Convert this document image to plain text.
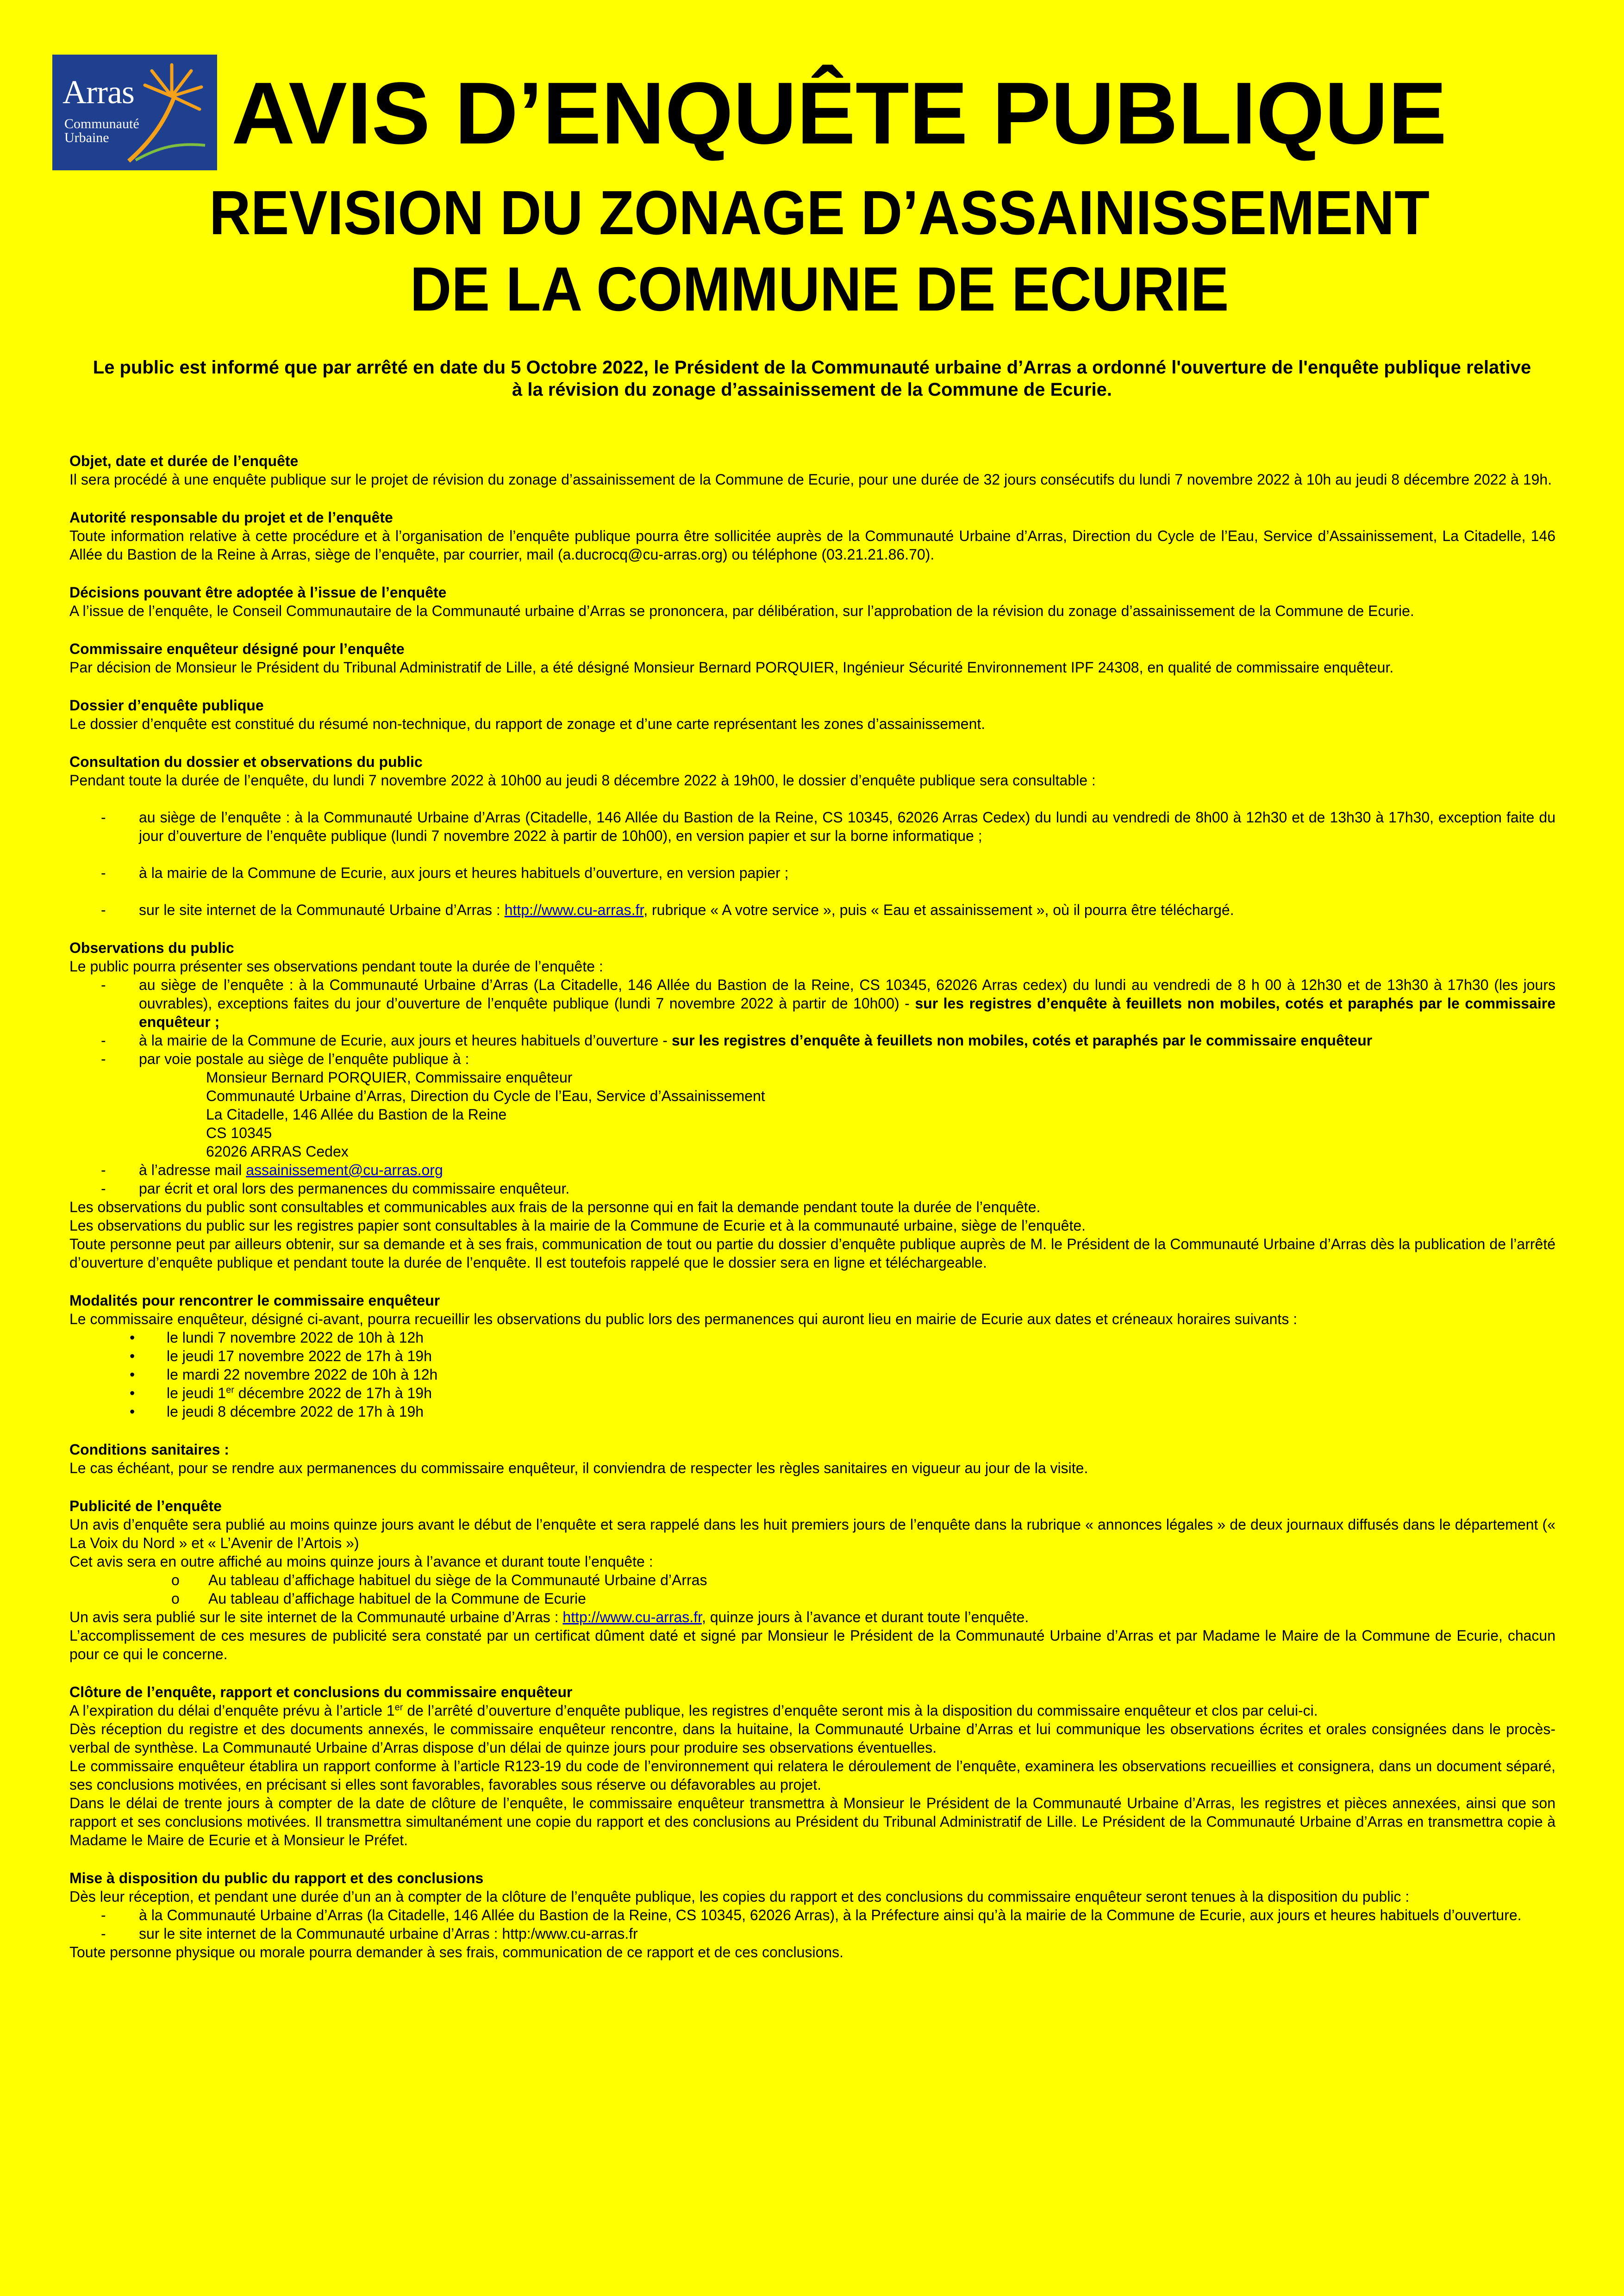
Arras
Communauté
Urbaine	AVIS D’ENQUÊTE PUBLIQUE
REVISION DU ZONAGE D’ASSAINISSEMENT
DE LA COMMUNE DE ECURIE
Le public est informé que par arrêté en date du 5 Octobre 2022, le Président de la Communauté urbaine d’Arras a ordonné l'ouverture de l'enquête publique relative à la révision du zonage d’assainissement de la Commune de Ecurie.
Objet, date et durée de l’enquête

Il sera procédé à une enquête publique sur le projet de révision du zonage d’assainissement de la Commune de Ecurie, pour une durée de 32 jours consécutifs du lundi 7 novembre 2022 à 10h au jeudi 8 décembre 2022 à 19h.

Autorité responsable du projet et de l’enquête

Toute information relative à cette procédure et à l’organisation de l’enquête publique pourra être sollicitée auprès de la Communauté Urbaine d’Arras, Direction du Cycle de l’Eau, Service d’Assainissement, La Citadelle, 146 Allée du Bastion de la Reine à Arras, siège de l’enquête, par courrier, mail (a.ducrocq@cu-arras.org) ou téléphone (03.21.21.86.70).

Décisions pouvant être adoptée à l’issue de l’enquête

A l’issue de l’enquête, le Conseil Communautaire de la Communauté urbaine d’Arras se prononcera, par délibération, sur l’approbation de la révision du zonage d’assainissement de la Commune de Ecurie.

Commissaire enquêteur désigné pour l’enquête

Par décision de Monsieur le Président du Tribunal Administratif de Lille, a été désigné Monsieur Bernard PORQUIER, Ingénieur Sécurité Environnement IPF 24308, en qualité de commissaire enquêteur.

Dossier d’enquête publique

Le dossier d’enquête est constitué du résumé non-technique, du rapport de zonage et d’une carte représentant les zones d’assainissement.

Consultation du dossier et observations du public

Pendant toute la durée de l’enquête, du lundi 7 novembre 2022 à 10h00 au jeudi 8 décembre 2022 à 19h00, le dossier d’enquête publique sera consultable :

-	au siège de l’enquête : à la Communauté Urbaine d’Arras (Citadelle, 146 Allée du Bastion de la Reine, CS 10345, 62026 Arras Cedex) du lundi au vendredi de 8h00 à 12h30 et de 13h30 à 17h30, exception faite du jour d’ouverture de l’enquête publique (lundi 7 novembre 2022 à partir de 10h00), en version papier et sur la borne informatique ;
-	à la mairie de la Commune de Ecurie, aux jours et heures habituels d’ouverture, en version papier ;
-	sur le site internet de la Communauté Urbaine d’Arras : http://www.cu-arras.fr, rubrique « A votre service », puis « Eau et assainissement », où il pourra être téléchargé.
Observations du public

Le public pourra présenter ses observations pendant toute la durée de l’enquête :

-	au siège de l’enquête : à la Communauté Urbaine d’Arras (La Citadelle, 146 Allée du Bastion de la Reine, CS 10345, 62026 Arras cedex) du lundi au vendredi de 8 h 00 à 12h30 et de 13h30 à 17h30 (les jours ouvrables), exceptions faites du jour d’ouverture de l’enquête publique (lundi 7 novembre 2022 à partir de 10h00) - sur les registres d’enquête à feuillets non mobiles, cotés et paraphés par le commissaire enquêteur ;
-	à la mairie de la Commune de Ecurie, aux jours et heures habituels d’ouverture - sur les registres d’enquête à feuillets non mobiles, cotés et paraphés par le commissaire enquêteur
-	par voie postale au siège de l’enquête publique à :
Monsieur Bernard PORQUIER, Commissaire enquêteur
Communauté Urbaine d’Arras, Direction du Cycle de l’Eau, Service d’Assainissement
La Citadelle, 146 Allée du Bastion de la Reine
CS 10345
62026 ARRAS Cedex
-	à l’adresse mail assainissement@cu-arras.org
-	par écrit et oral lors des permanences du commissaire enquêteur.

Les observations du public sont consultables et communicables aux frais de la personne qui en fait la demande pendant toute la durée de l’enquête.

Les observations du public sur les registres papier sont consultables à la mairie de la Commune de Ecurie et à la communauté urbaine, siège de l’enquête.

Toute personne peut par ailleurs obtenir, sur sa demande et à ses frais, communication de tout ou partie du dossier d’enquête publique auprès de M. le Président de la Communauté Urbaine d’Arras dès la publication de l’arrêté d’ouverture d’enquête publique et pendant toute la durée de l’enquête. Il est toutefois rappelé que le dossier sera en ligne et téléchargeable.

Modalités pour rencontrer le commissaire enquêteur

Le commissaire enquêteur, désigné ci-avant, pourra recueillir les observations du public lors des permanences qui auront lieu en mairie de Ecurie aux dates et créneaux horaires suivants :

•	le lundi 7 novembre 2022 de 10h à 12h
•	le jeudi 17 novembre 2022 de 17h à 19h
•	le mardi 22 novembre 2022 de 10h à 12h
•	le jeudi 1er décembre 2022 de 17h à 19h
•	le jeudi 8 décembre 2022 de 17h à 19h
Conditions sanitaires :

Le cas échéant, pour se rendre aux permanences du commissaire enquêteur, il conviendra de respecter les règles sanitaires en vigueur au jour de la visite.

Publicité de l’enquête

Un avis d’enquête sera publié au moins quinze jours avant le début de l’enquête et sera rappelé dans les huit premiers jours de l’enquête dans la rubrique « annonces légales » de deux journaux diffusés dans le département (« La Voix du Nord » et « L’Avenir de l’Artois »)

Cet avis sera en outre affiché au moins quinze jours à l’avance et durant toute l’enquête :

o	Au tableau d’affichage habituel du siège de la Communauté Urbaine d’Arras
o	Au tableau d’affichage habituel de la Commune de Ecurie

Un avis sera publié sur le site internet de la Communauté urbaine d’Arras : http://www.cu-arras.fr, quinze jours à l’avance et durant toute l’enquête.

L’accomplissement de ces mesures de publicité sera constaté par un certificat dûment daté et signé par Monsieur le Président de la Communauté Urbaine d’Arras et par Madame le Maire de la Commune de Ecurie, chacun pour ce qui le concerne.

Clôture de l’enquête, rapport et conclusions du commissaire enquêteur

A l’expiration du délai d’enquête prévu à l’article 1er de l’arrêté d’ouverture d’enquête publique, les registres d’enquête seront mis à la disposition du commissaire enquêteur et clos par celui-ci.

Dès réception du registre et des documents annexés, le commissaire enquêteur rencontre, dans la huitaine, la Communauté Urbaine d’Arras et lui communique les observations écrites et orales consignées dans le procès-verbal de synthèse. La Communauté Urbaine d’Arras dispose d’un délai de quinze jours pour produire ses observations éventuelles.

Le commissaire enquêteur établira un rapport conforme à l’article R123-19 du code de l’environnement qui relatera le déroulement de l’enquête, examinera les observations recueillies et consignera, dans un document séparé, ses conclusions motivées, en précisant si elles sont favorables, favorables sous réserve ou défavorables au projet.

Dans le délai de trente jours à compter de la date de clôture de l’enquête, le commissaire enquêteur transmettra à Monsieur le Président de la Communauté Urbaine d’Arras, les registres et pièces annexées, ainsi que son rapport et ses conclusions motivées. Il transmettra simultanément une copie du rapport et des conclusions au Président du Tribunal Administratif de Lille. Le Président de la Communauté Urbaine d’Arras en transmettra copie à Madame le Maire de Ecurie et à Monsieur le Préfet.

Mise à disposition du public du rapport et des conclusions

Dès leur réception, et pendant une durée d’un an à compter de la clôture de l’enquête publique, les copies du rapport et des conclusions du commissaire enquêteur seront tenues à la disposition du public :

-	à la Communauté Urbaine d’Arras (la Citadelle, 146 Allée du Bastion de la Reine, CS 10345, 62026 Arras), à la Préfecture ainsi qu’à la mairie de la Commune de Ecurie, aux jours et heures habituels d’ouverture.
-	sur le site internet de la Communauté urbaine d’Arras : http:/www.cu-arras.fr

Toute personne physique ou morale pourra demander à ses frais, communication de ce rapport et de ces conclusions.
